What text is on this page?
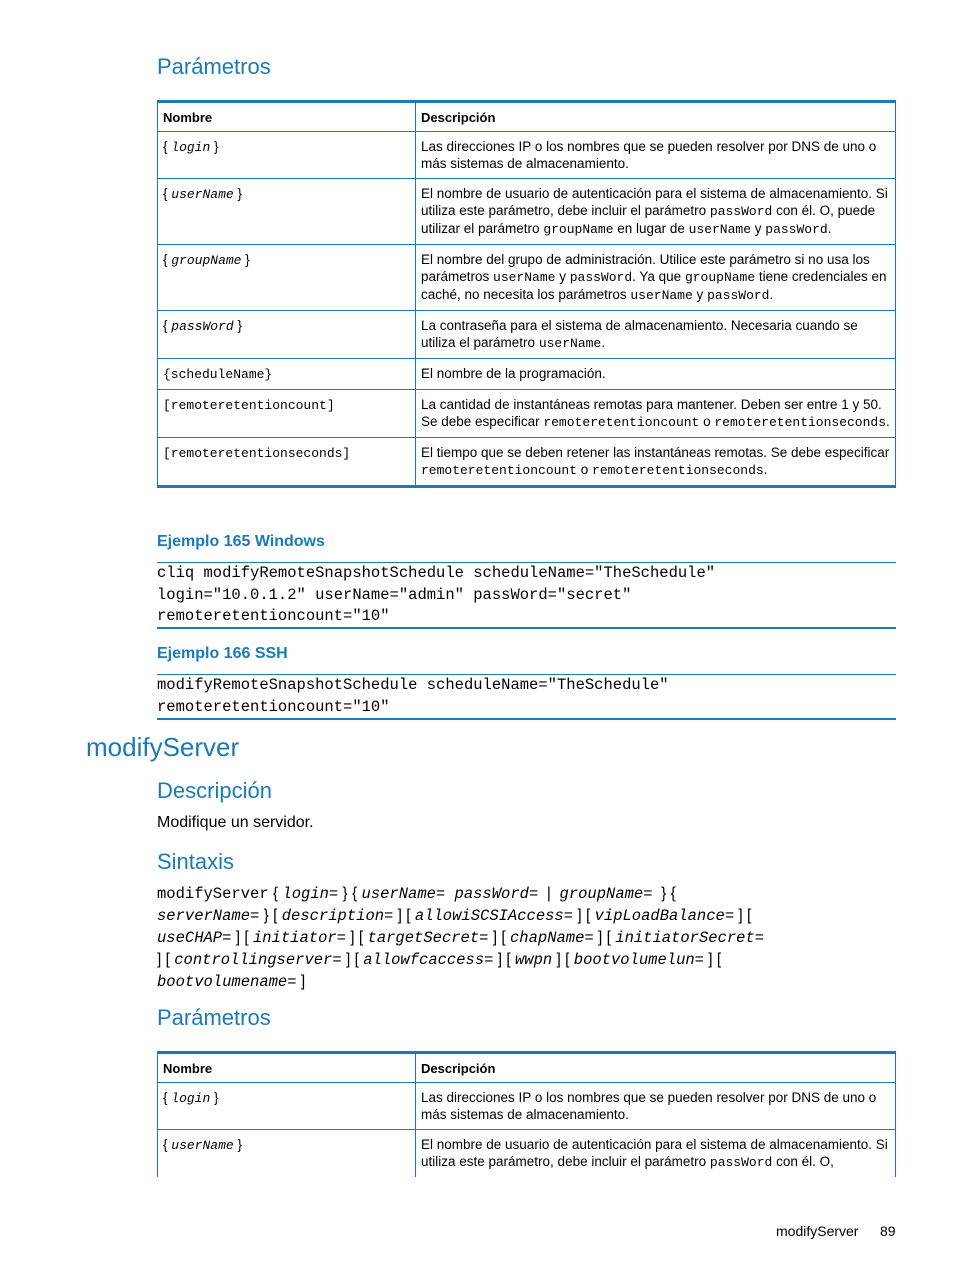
Parámetros
Nombre	Descripción
{ login }	Las direcciones IP o los nombres que se pueden resolver por DNS de uno o más sistemas de almacenamiento.
{ userName }	El nombre de usuario de autenticación para el sistema de almacenamiento. Si utiliza este parámetro, debe incluir el parámetro passWord con él. O, puede utilizar el parámetro groupName en lugar de userName y passWord.
{ groupName }	El nombre del grupo de administración. Utilice este parámetro si no usa los parámetros userName y passWord. Ya que groupName tiene credenciales en caché, no necesita los parámetros userName y passWord.
{ passWord }	La contraseña para el sistema de almacenamiento. Necesaria cuando se utiliza el parámetro userName.
{scheduleName}	El nombre de la programación.
[remoteretentioncount]	La cantidad de instantáneas remotas para mantener. Deben ser entre 1 y 50. Se debe especificar remoteretentioncount o remoteretentionseconds.
[remoteretentionseconds]	El tiempo que se deben retener las instantáneas remotas. Se debe especificar remoteretentioncount o remoteretentionseconds.
Ejemplo 165 Windows
cliq modifyRemoteSnapshotSchedule scheduleName="TheSchedule"
login="10.0.1.2" userName="admin" passWord="secret"
remoteretentioncount="10"
Ejemplo 166 SSH
modifyRemoteSnapshotSchedule scheduleName="TheSchedule"
remoteretentioncount="10"
modifyServer
Descripción

Modifique un servidor.

Sintaxis
modifyServer { login= } { userName= passWord=  |  groupName=  } {
serverName= } [ description= ] [ allowiSCSIAccess= ] [ vipLoadBalance= ] [
useCHAP= ] [ initiator= ] [ targetSecret= ] [ chapName= ] [ initiatorSecret=
] [ controllingserver= ] [ allowfcaccess= ] [ wwpn ] [ bootvolumelun= ] [
bootvolumename= ]
Parámetros
Nombre	Descripción
{ login }	Las direcciones IP o los nombres que se pueden resolver por DNS de uno o más sistemas de almacenamiento.
{ userName }	El nombre de usuario de autenticación para el sistema de almacenamiento. Si utiliza este parámetro, debe incluir el parámetro passWord con él. O,
modifyServer 89
